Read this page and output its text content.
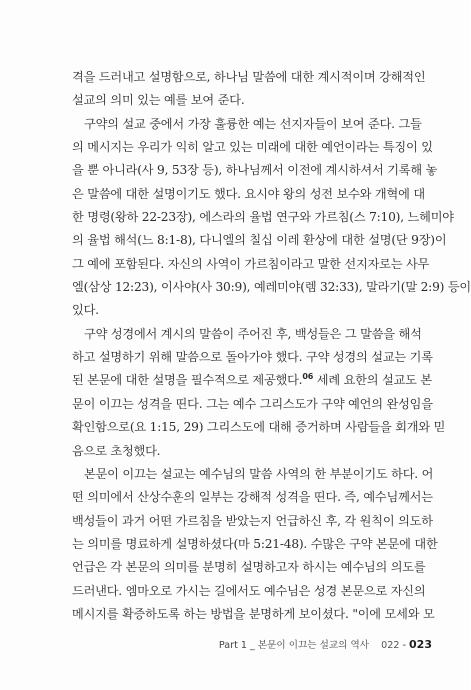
격을 드러내고 설명함으로, 하나님 말씀에 대한 계시적이며 강해적인
설교의 의미 있는 예를 보여 준다.

구약의 설교 중에서 가장 훌륭한 예는 선지자들이 보여 준다. 그들
의 메시지는 우리가 익히 알고 있는 미래에 대한 예언이라는 특징이 있
을 뿐 아니라(사 9, 53장 등), 하나님께서 이전에 계시하셔서 기록해 놓
은 말씀에 대한 설명이기도 했다. 요시야 왕의 성전 보수와 개혁에 대
한 명령(왕하 22-23장), 에스라의 율법 연구와 가르침(스 7:10), 느헤미야
의 율법 해석(느 8:1-8), 다니엘의 칠십 이레 환상에 대한 설명(단 9장)이
그 예에 포함된다. 자신의 사역이 가르침이라고 말한 선지자로는 사무
엘(삼상 12:23), 이사야(사 30:9), 예레미야(렘 32:33), 말라기(말 2:9) 등이
있다.

구약 성경에서 계시의 말씀이 주어진 후, 백성들은 그 말씀을 해석
하고 설명하기 위해 말씀으로 돌아가야 했다. 구약 성경의 설교는 기록
된 본문에 대한 설명을 필수적으로 제공했다.$^{06}$ 세례 요한의 설교도 본
문이 이끄는 성격을 띤다. 그는 예수 그리스도가 구약 예언의 완성임을
확인함으로(요 1:15, 29) 그리스도에 대해 증거하며 사람들을 회개와 믿
음으로 초청했다.

본문이 이끄는 설교는 예수님의 말씀 사역의 한 부분이기도 하다. 어
떤 의미에서 산상수훈의 일부는 강해적 성격을 띤다. 즉, 예수님께서는
백성들이 과거 어떤 가르침을 받았는지 언급하신 후, 각 원칙이 의도하
는 의미를 명료하게 설명하셨다(마 5:21-48). 수많은 구약 본문에 대한
언급은 각 본문의 의미를 분명히 설명하고자 하시는 예수님의 의도를
드러낸다. 엠마오로 가시는 길에서도 예수님은 성경 본문으로 자신의
메시지를 확증하도록 하는 방법을 분명하게 보이셨다. "이에 모세와 모

Part 1 _ 본문이 이끄는 설교의 역사 022 - 023
